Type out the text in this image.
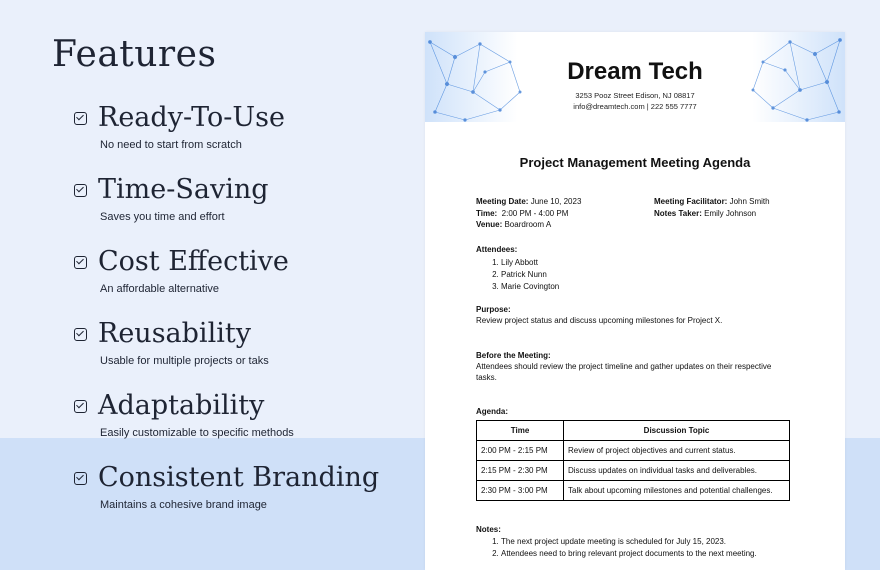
Features
Ready-To-Use
No need to start from scratch
Time-Saving
Saves you time and effort
Cost Effective
An affordable alternative
Reusability
Usable for multiple projects or taks
Adaptability
Easily customizable to specific methods
Consistent Branding
Maintains a cohesive brand image
Dream Tech
3253 Pooz Street Edison, NJ 08817
info@dreamtech.com | 222 555 7777
Project Management Meeting Agenda
Meeting Date: June 10, 2023
Time: 2:00 PM - 4:00 PM
Venue: Boardroom A
Meeting Facilitator: John Smith
Notes Taker: Emily Johnson
Attendees:
1. Lily Abbott
2. Patrick Nunn
3. Marie Covington
Purpose:

Review project status and discuss upcoming milestones for Project X.

Before the Meeting:

Attendees should review the project timeline and gather updates on their respective tasks.

Agenda:
Time	Discussion Topic
2:00 PM - 2:15 PM	Review of project objectives and current status.
2:15 PM - 2:30 PM	Discuss updates on individual tasks and deliverables.
2:30 PM - 3:00 PM	Talk about upcoming milestones and potential challenges.
Notes:
1. The next project update meeting is scheduled for July 15, 2023.
2. Attendees need to bring relevant project documents to the next meeting.
